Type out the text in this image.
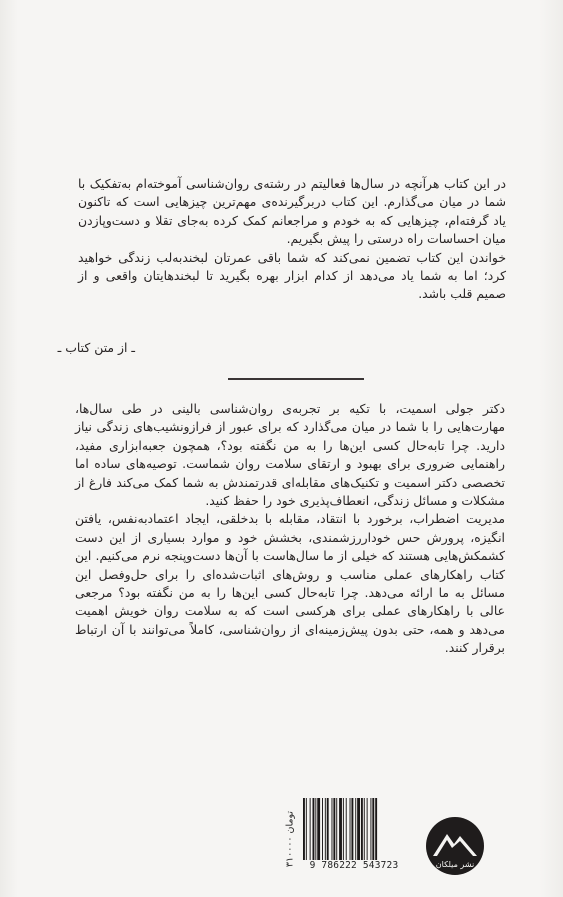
در این کتاب هرآنچه در سال‌ها فعالیتم در رشته‌ی روان‌شناسی آموخته‌ام به‌تفکیک با شما در میان می‌گذارم. این کتاب دربرگیرنده‌ی مهم‌ترین چیزهایی است که تاکنون یاد گرفته‌ام، چیزهایی که به خودم و مراجعانم کمک کرده به‌جای تقلا و دست‌وپازدن میان احساسات راه درستی را پیش بگیریم.

خواندن این کتاب تضمین نمی‌کند که شما باقی عمرتان لبخندبه‌لب زندگی خواهید کرد؛ اما به شما یاد می‌دهد از کدام ابزار بهره بگیرید تا لبخندهایتان واقعی و از صمیم قلب باشد.

ـ از متن کتاب ـ

دکتر جولی اسمیت، با تکیه بر تجربه‌ی روان‌شناسی بالینی در طی سال‌ها، مهارت‌هایی را با شما در میان می‌گذارد که برای عبور از فرازونشیب‌های زندگی نیاز دارید. چرا تابه‌حال کسی این‌ها را به من نگفته بود؟، همچون جعبه‌ابزاری مفید، راهنمایی ضروری برای بهبود و ارتقای سلامت روان شماست. توصیه‌های ساده اما تخصصی دکتر اسمیت و تکنیک‌های مقابله‌ای قدرتمندش به شما کمک می‌کند فارغ از مشکلات و مسائل زندگی، انعطاف‌پذیری خود را حفظ کنید.

مدیریت اضطراب، برخورد با انتقاد، مقابله با بدخلقی، ایجاد اعتمادبه‌نفس، یافتن انگیزه، پرورش حس خوداررزشمندی، بخشش خود و موارد بسیاری از این دست کشمکش‌هایی هستند که خیلی از ما سال‌هاست با آن‌ها دست‌وپنجه نرم می‌کنیم. این کتاب راهکارهای عملی مناسب و روش‌های اثبات‌شده‌ای را برای حل‌وفصل این مسائل به ما ارائه می‌دهد. چرا تابه‌حال کسی این‌ها را به من نگفته بود؟ مرجعی عالی با راهکارهای عملی برای هرکسی است که به سلامت روان خویش اهمیت می‌دهد و همه، حتی بدون پیش‌زمینه‌ای از روان‌شناسی، کاملاً می‌توانند با آن ارتباط برقرار کنند.

۳۱۰۰۰۰ تومان
9 786222 543723	نشر میلکان
